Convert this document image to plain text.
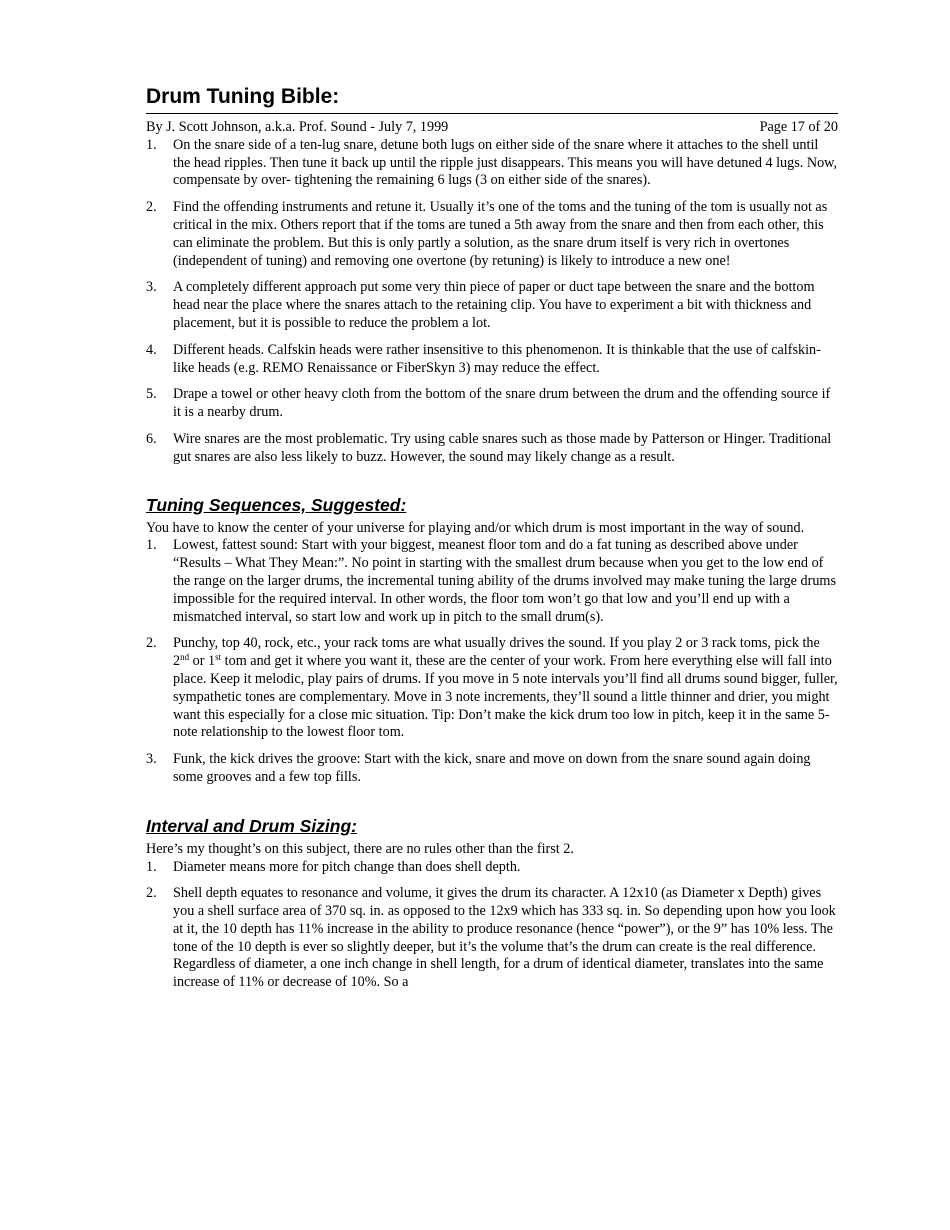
Drum Tuning Bible:
By J. Scott Johnson, a.k.a. Prof. Sound - July 7, 1999	Page 17 of 20
1.	On the snare side of a ten-lug snare, detune both lugs on either side of the snare where it attaches to the shell until the head ripples. Then tune it back up until the ripple just disappears. This means you will have detuned 4 lugs. Now, compensate by over- tightening the remaining 6 lugs (3 on either side of the snares).
2.	Find the offending instruments and retune it. Usually it’s one of the toms and the tuning of the tom is usually not as critical in the mix. Others report that if the toms are tuned a 5th away from the snare and then from each other, this can eliminate the problem. But this is only partly a solution, as the snare drum itself is very rich in overtones (independent of tuning) and removing one overtone (by retuning) is likely to introduce a new one!
3.	A completely different approach put some very thin piece of paper or duct tape between the snare and the bottom head near the place where the snares attach to the retaining clip. You have to experiment a bit with thickness and placement, but it is possible to reduce the problem a lot.
4.	Different heads. Calfskin heads were rather insensitive to this phenomenon. It is thinkable that the use of calfskin-like heads (e.g. REMO Renaissance or FiberSkyn 3) may reduce the effect.
5.	Drape a towel or other heavy cloth from the bottom of the snare drum between the drum and the offending source if it is a nearby drum.
6.	Wire snares are the most problematic. Try using cable snares such as those made by Patterson or Hinger. Traditional gut snares are also less likely to buzz. However, the sound may likely change as a result.
Tuning Sequences, Suggested:

You have to know the center of your universe for playing and/or which drum is most important in the way of sound.

1.	Lowest, fattest sound: Start with your biggest, meanest floor tom and do a fat tuning as described above under “Results – What They Mean:”. No point in starting with the smallest drum because when you get to the low end of the range on the larger drums, the incremental tuning ability of the drums involved may make tuning the large drums impossible for the required interval. In other words, the floor tom won’t go that low and you’ll end up with a mismatched interval, so start low and work up in pitch to the small drum(s).
2.	Punchy, top 40, rock, etc., your rack toms are what usually drives the sound. If you play 2 or 3 rack toms, pick the 2nd or 1st tom and get it where you want it, these are the center of your work. From here everything else will fall into place. Keep it melodic, play pairs of drums. If you move in 5 note intervals you’ll find all drums sound bigger, fuller, sympathetic tones are complementary. Move in 3 note increments, they’ll sound a little thinner and drier, you might want this especially for a close mic situation. Tip: Don’t make the kick drum too low in pitch, keep it in the same 5-note relationship to the lowest floor tom.
3.	Funk, the kick drives the groove: Start with the kick, snare and move on down from the snare sound again doing some grooves and a few top fills.
Interval and Drum Sizing:

Here’s my thought’s on this subject, there are no rules other than the first 2.

1.	Diameter means more for pitch change than does shell depth.
2.	Shell depth equates to resonance and volume, it gives the drum its character. A 12x10 (as Diameter x Depth) gives you a shell surface area of 370 sq. in. as opposed to the 12x9 which has 333 sq. in. So depending upon how you look at it, the 10 depth has 11% increase in the ability to produce resonance (hence “power”), or the 9” has 10% less. The tone of the 10 depth is ever so slightly deeper, but it’s the volume that’s the drum can create is the real difference. Regardless of diameter, a one inch change in shell length, for a drum of identical diameter, translates into the same increase of 11% or decrease of 10%. So a
